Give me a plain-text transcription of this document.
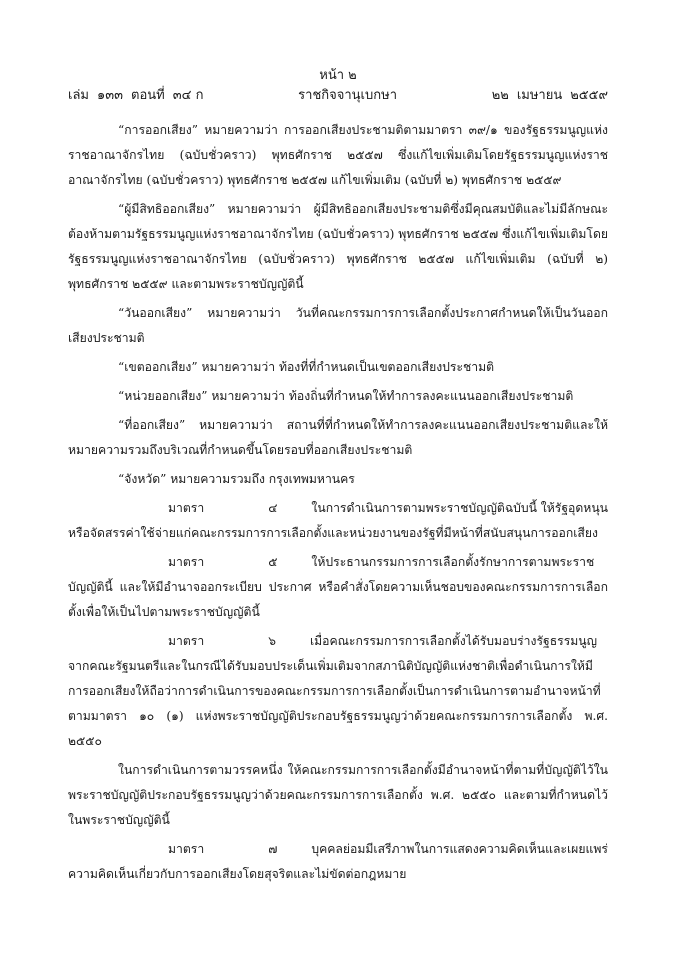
หน้า ๒
เล่ม ๑๓๓ ตอนที่ ๓๔ ก	ราชกิจจานุเบกษา	๒๒ เมษายน ๒๕๕๙

“การออกเสียง” หมายความว่า การออกเสียงประชามติตามมาตรา ๓๙/๑ ของรัฐธรรมนูญแห่งราชอาณาจักรไทย (ฉบับชั่วคราว) พุทธศักราช ๒๕๕๗ ซึ่งแก้ไขเพิ่มเติมโดยรัฐธรรมนูญแห่งราชอาณาจักรไทย (ฉบับชั่วคราว) พุทธศักราช ๒๕๕๗ แก้ไขเพิ่มเติม (ฉบับที่ ๒) พุทธศักราช ๒๕๕๙

“ผู้มีสิทธิออกเสียง” หมายความว่า ผู้มีสิทธิออกเสียงประชามติซึ่งมีคุณสมบัติและไม่มีลักษณะต้องห้ามตามรัฐธรรมนูญแห่งราชอาณาจักรไทย (ฉบับชั่วคราว) พุทธศักราช ๒๕๕๗ ซึ่งแก้ไขเพิ่มเติมโดยรัฐธรรมนูญแห่งราชอาณาจักรไทย (ฉบับชั่วคราว) พุทธศักราช ๒๕๕๗ แก้ไขเพิ่มเติม (ฉบับที่ ๒) พุทธศักราช ๒๕๕๙ และตามพระราชบัญญัตินี้

“วันออกเสียง” หมายความว่า วันที่คณะกรรมการการเลือกตั้งประกาศกำหนดให้เป็นวันออกเสียงประชามติ

“เขตออกเสียง” หมายความว่า ท้องที่ที่กำหนดเป็นเขตออกเสียงประชามติ

“หน่วยออกเสียง” หมายความว่า ท้องถิ่นที่กำหนดให้ทำการลงคะแนนออกเสียงประชามติ

“ที่ออกเสียง” หมายความว่า สถานที่ที่กำหนดให้ทำการลงคะแนนออกเสียงประชามติและให้หมายความรวมถึงบริเวณที่กำหนดขึ้นโดยรอบที่ออกเสียงประชามติ

“จังหวัด” หมายความรวมถึง กรุงเทพมหานคร

มาตรา	๔	ในการดำเนินการตามพระราชบัญญัติฉบับนี้ ให้รัฐอุดหนุนหรือจัดสรรค่าใช้จ่ายแก่คณะกรรมการการเลือกตั้งและหน่วยงานของรัฐที่มีหน้าที่สนับสนุนการออกเสียง

มาตรา	๕	ให้ประธานกรรมการการเลือกตั้งรักษาการตามพระราชบัญญัตินี้ และให้มีอำนาจออกระเบียบ ประกาศ หรือคำสั่งโดยความเห็นชอบของคณะกรรมการการเลือกตั้งเพื่อให้เป็นไปตามพระราชบัญญัตินี้

มาตรา	๖	เมื่อคณะกรรมการการเลือกตั้งได้รับมอบร่างรัฐธรรมนูญจากคณะรัฐมนตรีและในกรณีได้รับมอบประเด็นเพิ่มเติมจากสภานิติบัญญัติแห่งชาติเพื่อดำเนินการให้มีการออกเสียงให้ถือว่าการดำเนินการของคณะกรรมการการเลือกตั้งเป็นการดำเนินการตามอำนาจหน้าที่ตามมาตรา ๑๐ (๑) แห่งพระราชบัญญัติประกอบรัฐธรรมนูญว่าด้วยคณะกรรมการการเลือกตั้ง พ.ศ. ๒๕๕๐

ในการดำเนินการตามวรรคหนึ่ง ให้คณะกรรมการการเลือกตั้งมีอำนาจหน้าที่ตามที่บัญญัติไว้ในพระราชบัญญัติประกอบรัฐธรรมนูญว่าด้วยคณะกรรมการการเลือกตั้ง พ.ศ. ๒๕๕๐ และตามที่กำหนดไว้ในพระราชบัญญัตินี้

มาตรา	๗	บุคคลย่อมมีเสรีภาพในการแสดงความคิดเห็นและเผยแพร่ความคิดเห็นเกี่ยวกับการออกเสียงโดยสุจริตและไม่ขัดต่อกฎหมาย
